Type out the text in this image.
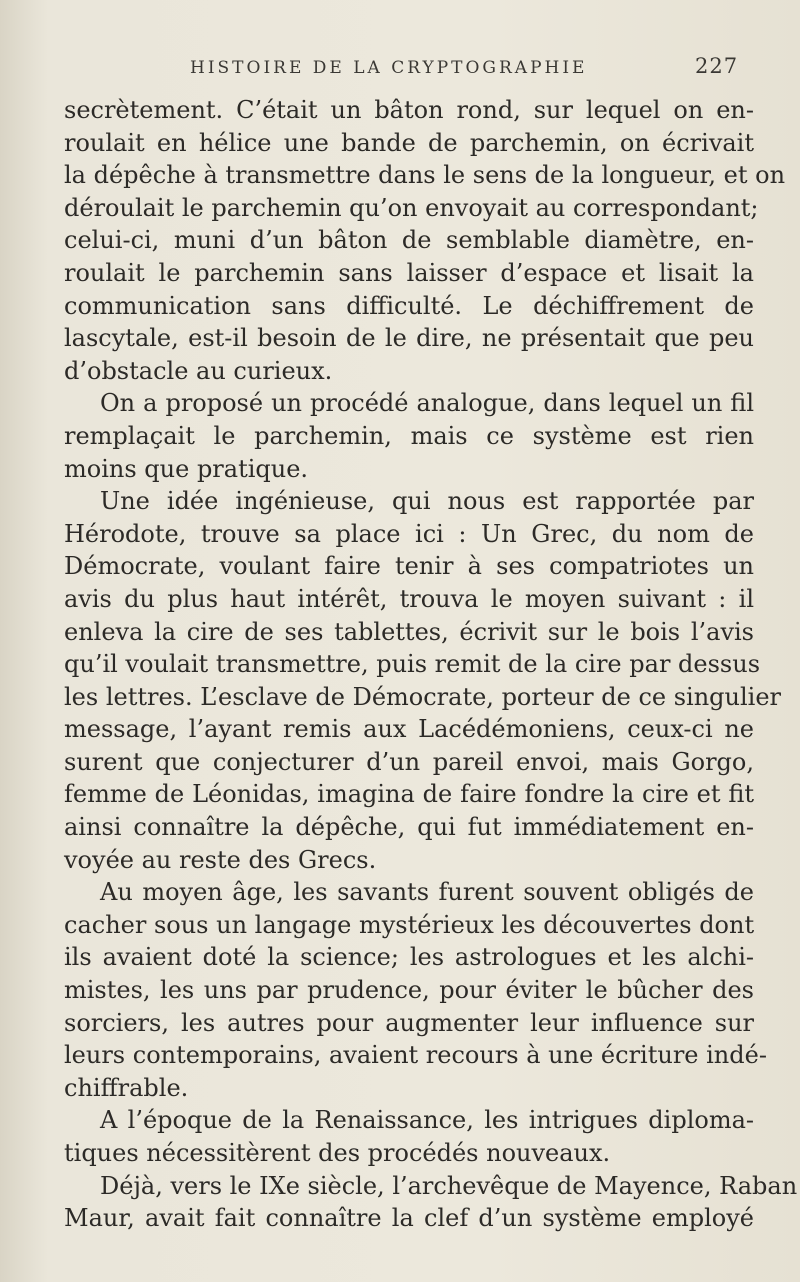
HISTOIRE DE LA CRYPTOGRAPHIE	227
secrètement. C’était un bâton rond, sur lequel on en-
roulait en hélice une bande de parchemin, on écrivait
la dépêche à transmettre dans le sens de la longueur, et on
déroulait le parchemin qu’on envoyait au correspondant;
celui-ci, muni d’un bâton de semblable diamètre, en-
roulait le parchemin sans laisser d’espace et lisait la
communication sans difficulté. Le déchiffrement de
lascytale, est-il besoin de le dire, ne présentait que peu
d’obstacle au curieux.
On a proposé un procédé analogue, dans lequel un fil
remplaçait le parchemin, mais ce système est rien
moins que pratique.
Une idée ingénieuse, qui nous est rapportée par
Hérodote, trouve sa place ici : Un Grec, du nom de
Démocrate, voulant faire tenir à ses compatriotes un
avis du plus haut intérêt, trouva le moyen suivant : il
enleva la cire de ses tablettes, écrivit sur le bois l’avis
qu’il voulait transmettre, puis remit de la cire par dessus
les lettres. L’esclave de Démocrate, porteur de ce singulier
message, l’ayant remis aux Lacédémoniens, ceux-ci ne
surent que conjecturer d’un pareil envoi, mais Gorgo,
femme de Léonidas, imagina de faire fondre la cire et fit
ainsi connaître la dépêche, qui fut immédiatement en-
voyée au reste des Grecs.
Au moyen âge, les savants furent souvent obligés de
cacher sous un langage mystérieux les découvertes dont
ils avaient doté la science; les astrologues et les alchi-
mistes, les uns par prudence, pour éviter le bûcher des
sorciers, les autres pour augmenter leur influence sur
leurs contemporains, avaient recours à une écriture indé-
chiffrable.
A l’époque de la Renaissance, les intrigues diploma-
tiques nécessitèrent des procédés nouveaux.
Déjà, vers le IXe siècle, l’archevêque de Mayence, Raban
Maur, avait fait connaître la clef d’un système employé
